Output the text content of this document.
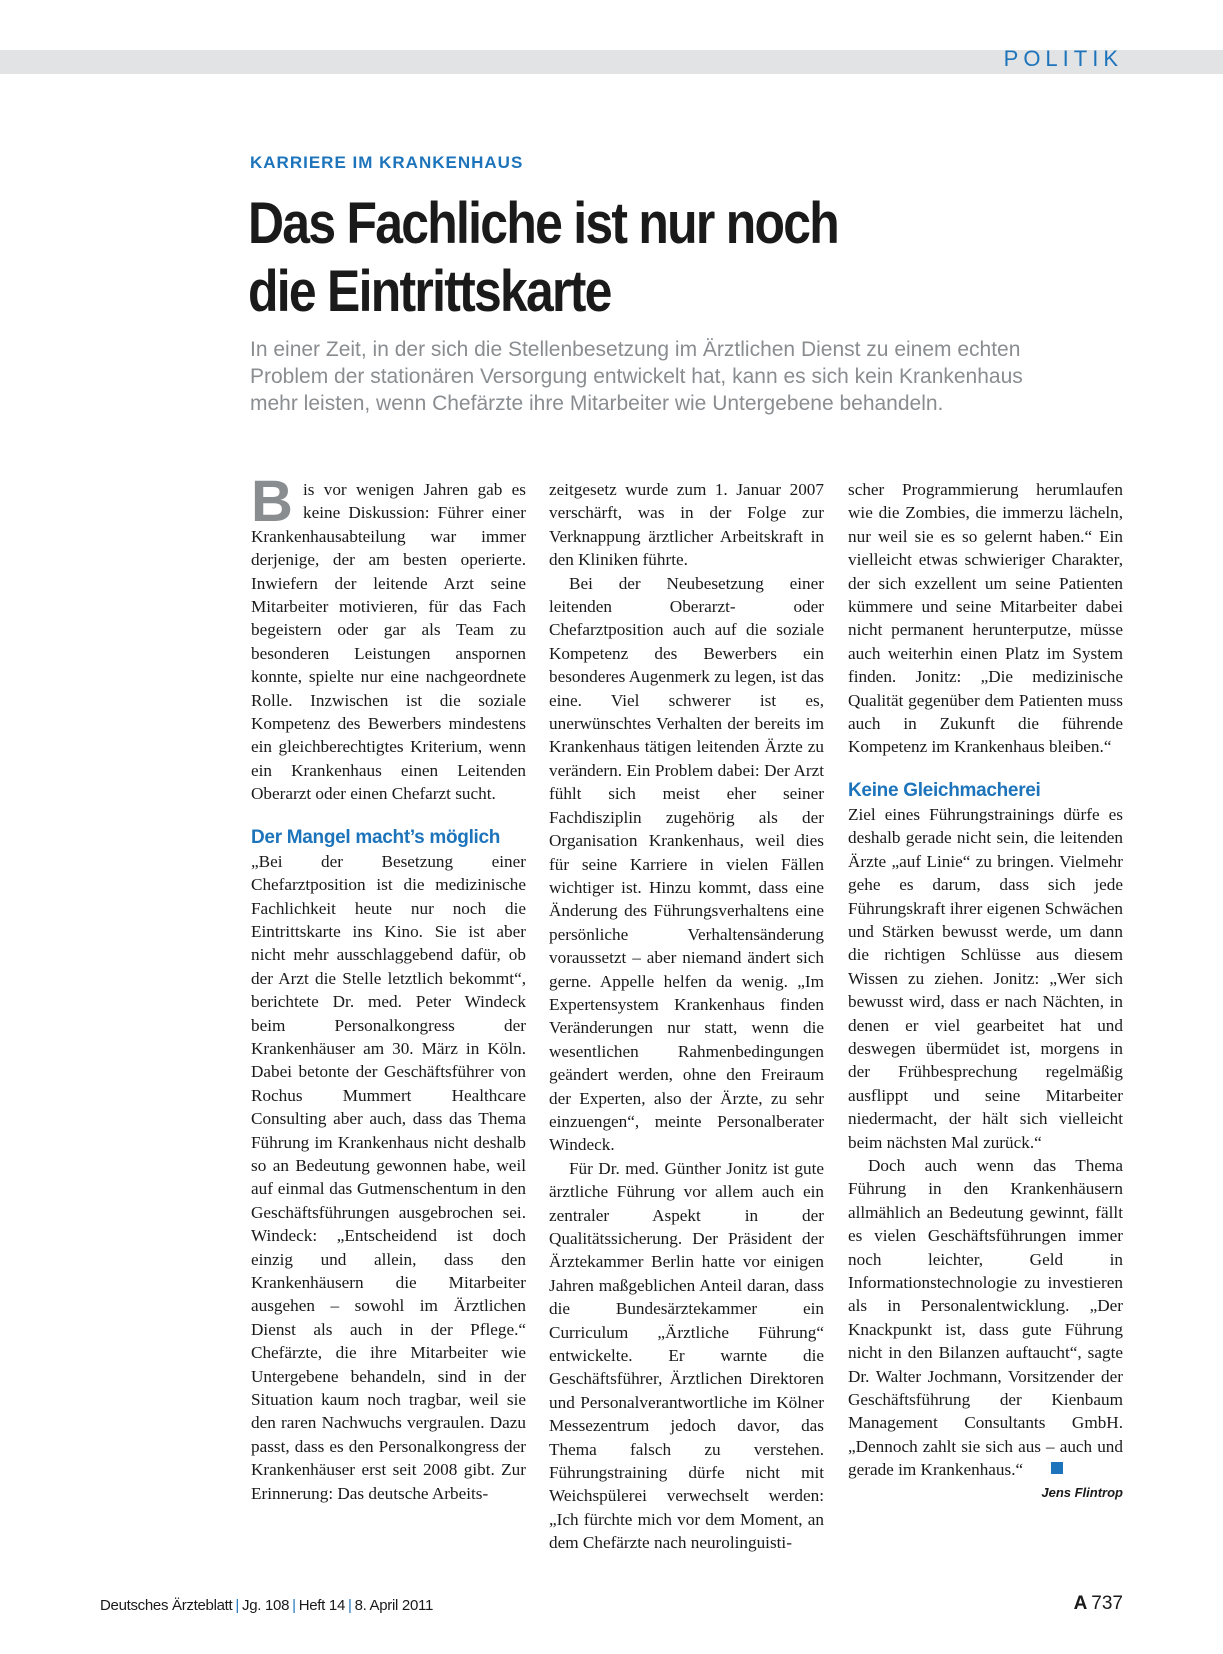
POLITIK
KARRIERE IM KRANKENHAUS
Das Fachliche ist nur noch
die Eintrittskarte

In einer Zeit, in der sich die Stellenbesetzung im Ärztlichen Dienst zu einem echten
Problem der stationären Versorgung entwickelt hat, kann es sich kein Krankenhaus
mehr leisten, wenn Chefärzte ihre Mitarbeiter wie Untergebene behandeln.

Bis vor wenigen Jahren gab es keine Diskussion: Führer einer Krankenhausabteilung war immer derjenige, der am besten operierte. Inwiefern der leitende Arzt seine Mitarbeiter motivieren, für das Fach begeistern oder gar als Team zu besonderen Leistungen anspornen konnte, spielte nur eine nachgeordnete Rolle. Inzwischen ist die soziale Kompetenz des Bewerbers mindestens ein gleichberechtigtes Kriterium, wenn ein Krankenhaus einen Leitenden Oberarzt oder einen Chefarzt sucht.

Der Mangel macht’s möglich

„Bei der Besetzung einer Chefarztposition ist die medizinische Fachlichkeit heute nur noch die Eintrittskarte ins Kino. Sie ist aber nicht mehr ausschlaggebend dafür, ob der Arzt die Stelle letztlich bekommt“, berichtete Dr. med. Peter Windeck beim Personalkongress der Krankenhäuser am 30. März in Köln. Dabei betonte der Geschäftsführer von Rochus Mummert Healthcare Consulting aber auch, dass das Thema Führung im Krankenhaus nicht deshalb so an Bedeutung gewonnen habe, weil auf einmal das Gutmenschentum in den Geschäftsführungen ausgebrochen sei. Windeck: „Entscheidend ist doch einzig und allein, dass den Krankenhäusern die Mitarbeiter ausgehen – sowohl im Ärztlichen Dienst als auch in der Pflege.“ Chefärzte, die ihre Mitarbeiter wie Untergebene behandeln, sind in der Situation kaum noch tragbar, weil sie den raren Nachwuchs vergraulen. Dazu passt, dass es den Personalkongress der Krankenhäuser erst seit 2008 gibt. Zur Erinnerung: Das deutsche Arbeits-

zeitgesetz wurde zum 1. Januar 2007 verschärft, was in der Folge zur Verknappung ärztlicher Arbeitskraft in den Kliniken führte.

Bei der Neubesetzung einer leitenden Oberarzt- oder Chefarztposition auch auf die soziale Kompetenz des Bewerbers ein besonderes Augenmerk zu legen, ist das eine. Viel schwerer ist es, unerwünschtes Verhalten der bereits im Krankenhaus tätigen leitenden Ärzte zu verändern. Ein Problem dabei: Der Arzt fühlt sich meist eher seiner Fachdisziplin zugehörig als der Organisation Krankenhaus, weil dies für seine Karriere in vielen Fällen wichtiger ist. Hinzu kommt, dass eine Änderung des Führungsverhaltens eine persönliche Verhaltensänderung voraussetzt – aber niemand ändert sich gerne. Appelle helfen da wenig. „Im Expertensystem Krankenhaus finden Veränderungen nur statt, wenn die wesentlichen Rahmenbedingungen geändert werden, ohne den Freiraum der Experten, also der Ärzte, zu sehr einzuengen“, meinte Personalberater Windeck.

Für Dr. med. Günther Jonitz ist gute ärztliche Führung vor allem auch ein zentraler Aspekt in der Qualitätssicherung. Der Präsident der Ärztekammer Berlin hatte vor einigen Jahren maßgeblichen Anteil daran, dass die Bundesärztekammer ein Curriculum „Ärztliche Führung“ entwickelte. Er warnte die Geschäftsführer, Ärztlichen Direktoren und Personalverantwortliche im Kölner Messezentrum jedoch davor, das Thema falsch zu verstehen. Führungstraining dürfe nicht mit Weichspülerei verwechselt werden: „Ich fürchte mich vor dem Moment, an dem Chefärzte nach neurolinguisti-

scher Programmierung herumlaufen wie die Zombies, die immerzu lächeln, nur weil sie es so gelernt haben.“ Ein vielleicht etwas schwieriger Charakter, der sich exzellent um seine Patienten kümmere und seine Mitarbeiter dabei nicht permanent herunterputze, müsse auch weiterhin einen Platz im System finden. Jonitz: „Die medizinische Qualität gegenüber dem Patienten muss auch in Zukunft die führende Kompetenz im Krankenhaus bleiben.“

Keine Gleichmacherei

Ziel eines Führungstrainings dürfe es deshalb gerade nicht sein, die leitenden Ärzte „auf Linie“ zu bringen. Vielmehr gehe es darum, dass sich jede Führungskraft ihrer eigenen Schwächen und Stärken bewusst werde, um dann die richtigen Schlüsse aus diesem Wissen zu ziehen. Jonitz: „Wer sich bewusst wird, dass er nach Nächten, in denen er viel gearbeitet hat und deswegen übermüdet ist, morgens in der Frühbesprechung regelmäßig ausflippt und seine Mitarbeiter niedermacht, der hält sich vielleicht beim nächsten Mal zurück.“

Doch auch wenn das Thema Führung in den Krankenhäusern allmählich an Bedeutung gewinnt, fällt es vielen Geschäftsführungen immer noch leichter, Geld in Informationstechnologie zu investieren als in Personalentwicklung. „Der Knackpunkt ist, dass gute Führung nicht in den Bilanzen auftaucht“, sagte Dr. Walter Jochmann, Vorsitzender der Geschäftsführung der Kienbaum Management Consultants GmbH. „Dennoch zahlt sie sich aus – auch und gerade im Krankenhaus.“

Jens Flintrop
Deutsches Ärzteblatt | Jg. 108 | Heft 14 | 8. April 2011	A 737
